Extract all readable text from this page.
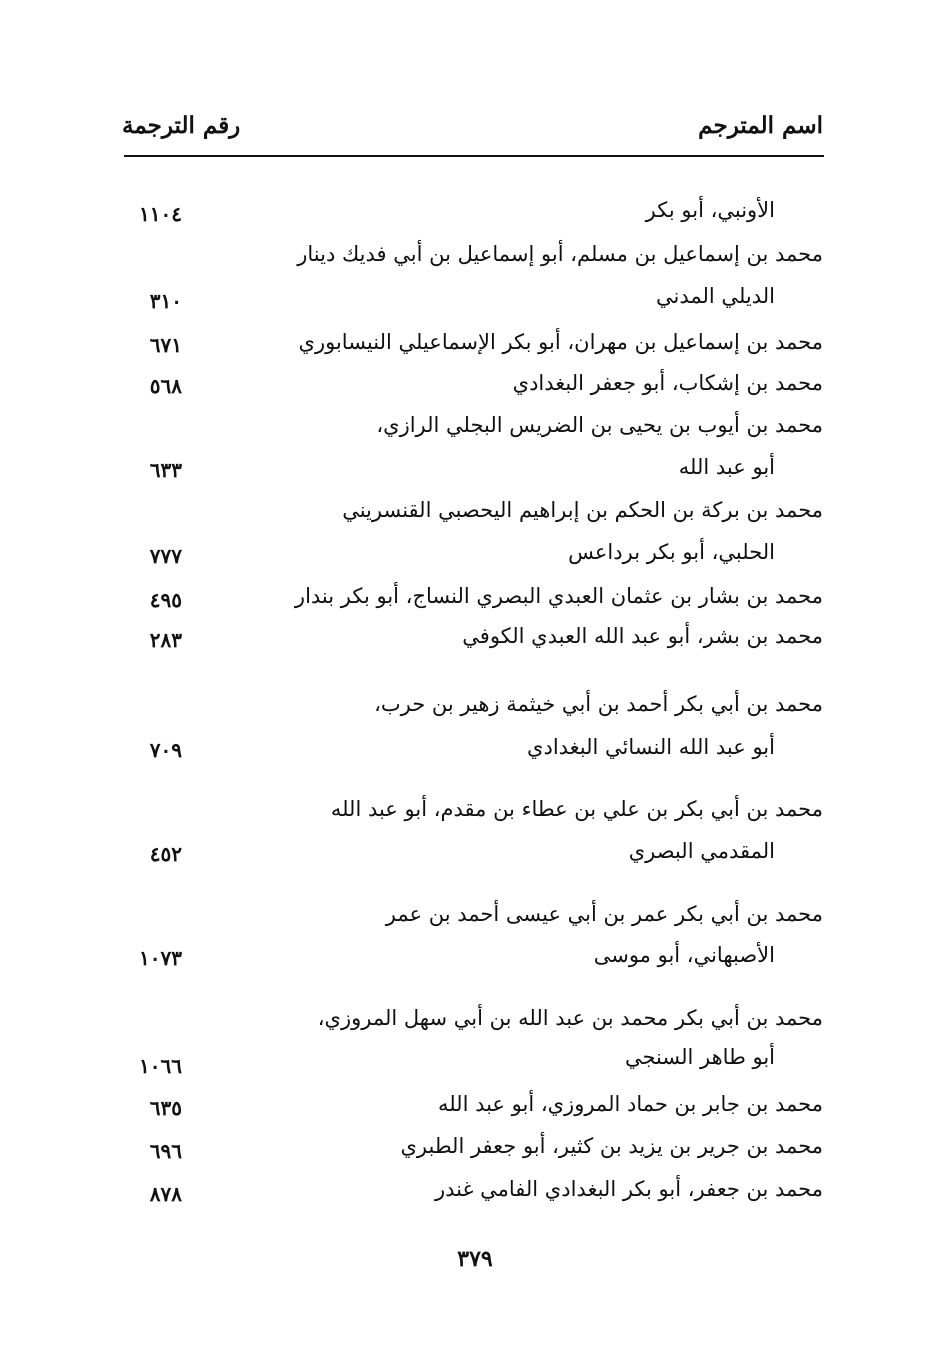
اسم المترجم
رقم الترجمة
الأونبي، أبو بكر
١١٠٤
محمد بن إسماعيل بن مسلم، أبو إسماعيل بن أبي فديك دينار
الديلي المدني
٣١٠
محمد بن إسماعيل بن مهران، أبو بكر الإسماعيلي النيسابوري
٦٧١
محمد بن إشكاب، أبو جعفر البغدادي
٥٦٨
محمد بن أيوب بن يحيى بن الضريس البجلي الرازي،
أبو عبد الله
٦٣٣
محمد بن بركة بن الحكم بن إبراهيم اليحصبي القنسريني
الحلبي، أبو بكر برداعس
٧٧٧
محمد بن بشار بن عثمان العبدي البصري النساج، أبو بكر بندار
٤٩٥
محمد بن بشر، أبو عبد الله العبدي الكوفي
٢٨٣
محمد بن أبي بكر أحمد بن أبي خيثمة زهير بن حرب،
أبو عبد الله النسائي البغدادي
٧٠٩
محمد بن أبي بكر بن علي بن عطاء بن مقدم، أبو عبد الله
المقدمي البصري
٤٥٢
محمد بن أبي بكر عمر بن أبي عيسى أحمد بن عمر
الأصبهاني، أبو موسى
١٠٧٣
محمد بن أبي بكر محمد بن عبد الله بن أبي سهل المروزي،
أبو طاهر السنجي
١٠٦٦
محمد بن جابر بن حماد المروزي، أبو عبد الله
٦٣٥
محمد بن جرير بن يزيد بن كثير، أبو جعفر الطبري
٦٩٦
محمد بن جعفر، أبو بكر البغدادي الفامي غندر
٨٧٨
٣٧٩
